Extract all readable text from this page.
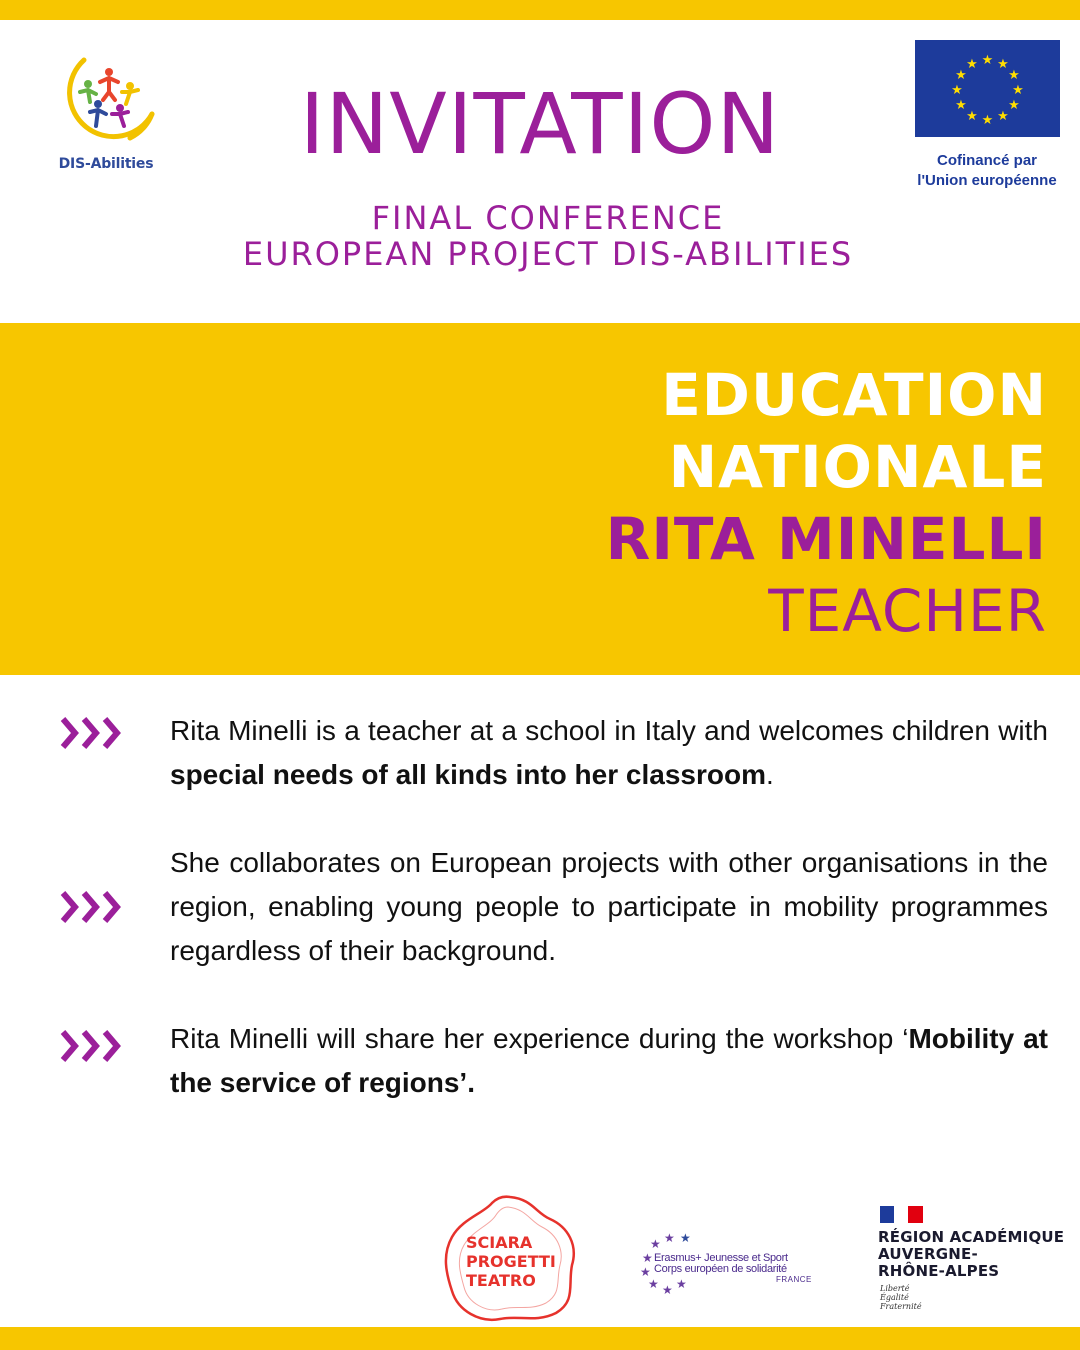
DIS-Abilities	INVITATION
FINAL CONFERENCE
EUROPEAN PROJECT DIS-ABILITIES
★ ★
★
★
★
★
★
★
★
★
★
★
Cofinancé par
l'Union européenne
EDUCATION
NATIONALE
RITA MINELLI
TEACHER
Rita Minelli is a teacher at a school in Italy and welcomes children with special needs of all kinds into her classroom.
She collaborates on European projects with other organisations in the region, enabling young people to participate in mobility programmes regardless of their background.
Rita Minelli will share her experience during the workshop ‘Mobility at the service of regions’.
SCIARA
PROGETTI
TEATRO
★
★
★
★
★ ★ ★
★
Erasmus+ Jeunesse et Sport
Corps européen de solidarité
FRANCE
RÉGION ACADÉMIQUE
AUVERGNE-
RHÔNE-ALPES
Liberté
Égalité
Fraternité
